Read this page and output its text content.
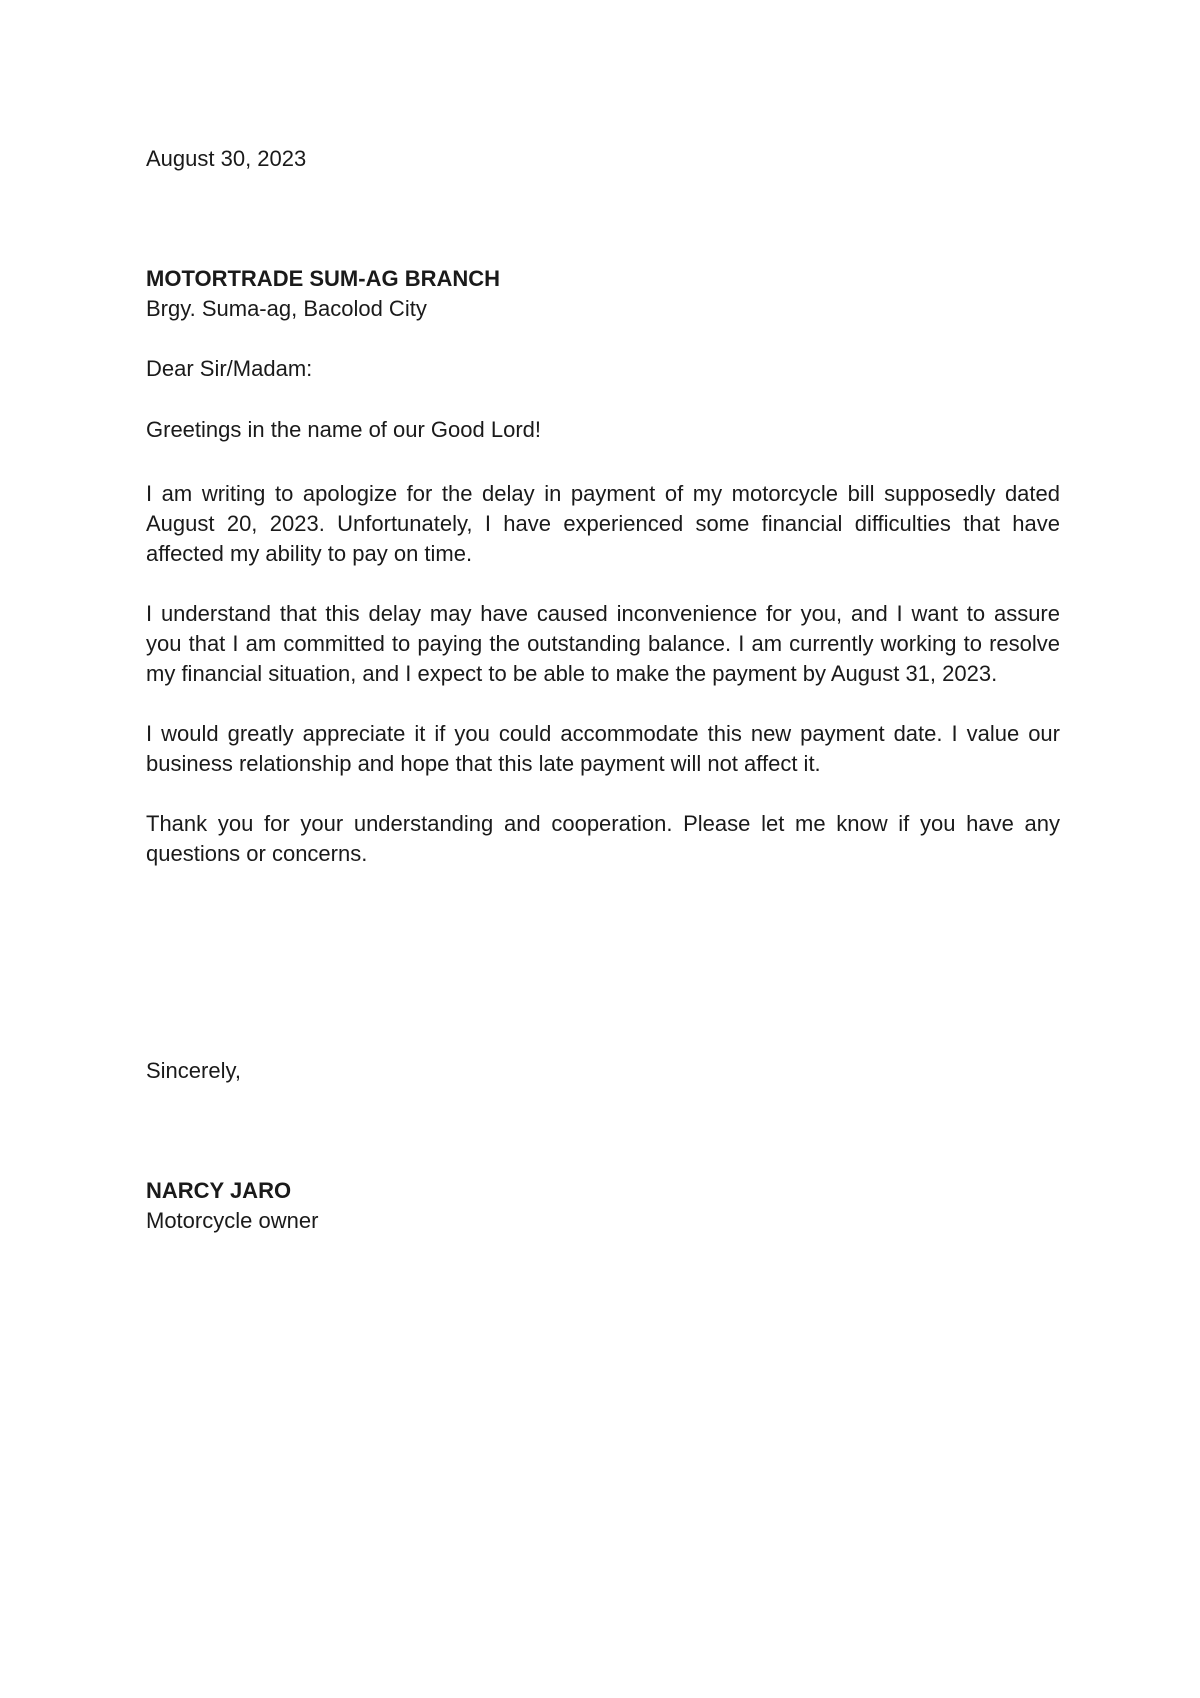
August 30, 2023

MOTORTRADE SUM-AG BRANCH

Brgy. Suma-ag, Bacolod City

Dear Sir/Madam:

Greetings in the name of our Good Lord!

I am writing to apologize for the delay in payment of my motorcycle bill supposedly dated August 20, 2023. Unfortunately, I have experienced some financial difficulties that have affected my ability to pay on time.

I understand that this delay may have caused inconvenience for you, and I want to assure you that I am committed to paying the outstanding balance. I am currently working to resolve my financial situation, and I expect to be able to make the payment by August 31, 2023.

I would greatly appreciate it if you could accommodate this new payment date. I value our business relationship and hope that this late payment will not affect it.

Thank you for your understanding and cooperation. Please let me know if you have any questions or concerns.

Sincerely,

NARCY JARO

Motorcycle owner
